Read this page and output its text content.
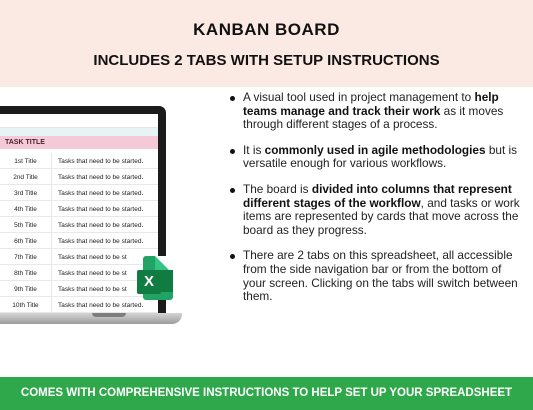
KANBAN BOARD
INCLUDES 2 TABS WITH SETUP INSTRUCTIONS
TASK TITLE
1st Title	Tasks that need to be started.
2nd Title	Tasks that need to be started.
3rd Title	Tasks that need to be started.
4th Title	Tasks that need to be started.
5th Title	Tasks that need to be started.
6th Title	Tasks that need to be started.
7th Title	Tasks that need to be st
8th Title	Tasks that need to be st
9th Title	Tasks that need to be st
10th Title	Tasks that need to be started.
X
A visual tool used in project management to help teams manage and track their work as it moves through different stages of a process.
It is commonly used in agile methodologies but is versatile enough for various workflows.
The board is divided into columns that represent different stages of the workflow, and tasks or work items are represented by cards that move across the board as they progress.
There are 2 tabs on this spreadsheet, all accessible from the side navigation bar or from the bottom of your screen. Clicking on the tabs will switch between them.
COMES WITH COMPREHENSIVE INSTRUCTIONS TO HELP SET UP YOUR SPREADSHEET
